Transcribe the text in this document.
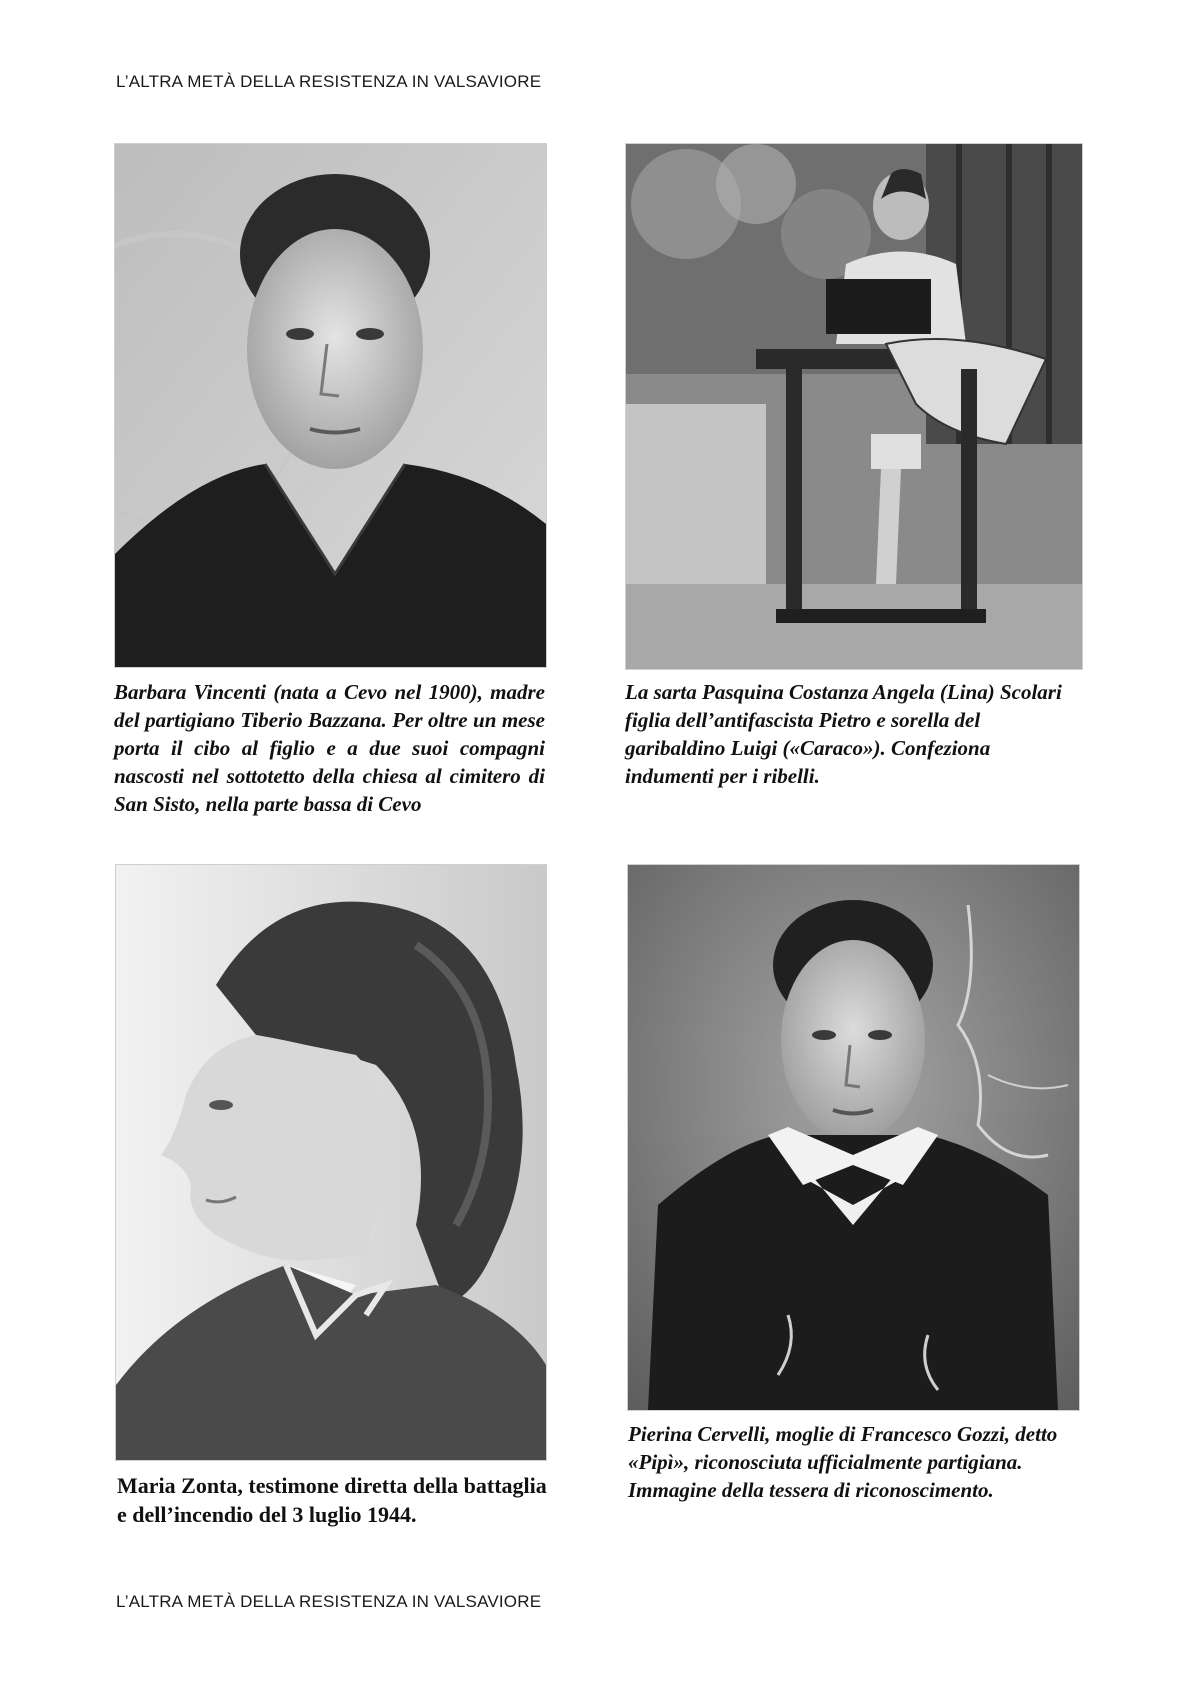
L’ALTRA METÀ DELLA RESISTENZA IN VALSAVIORE

Barbara Vincenti (nata a Cevo nel 1900), madre del partigiano Tiberio Bazzana. Per oltre un mese porta il cibo al figlio e a due suoi compagni nascosti nel sottotetto della chiesa al cimitero di San Sisto, nella parte bassa di Cevo

La sarta Pasquina Costanza Angela (Lina) Scolari figlia dell’antifascista Pietro e sorella del garibaldino Luigi («Caraco»). Confeziona indumenti per i ribelli.

Maria Zonta, testimone diretta della battaglia e dell’incendio del 3 luglio 1944.

Pierina Cervelli, moglie di Francesco Gozzi, detto «Pipì», riconosciuta ufficialmente partigiana. Immagine della tessera di riconoscimento.

L’ALTRA METÀ DELLA RESISTENZA IN VALSAVIORE
